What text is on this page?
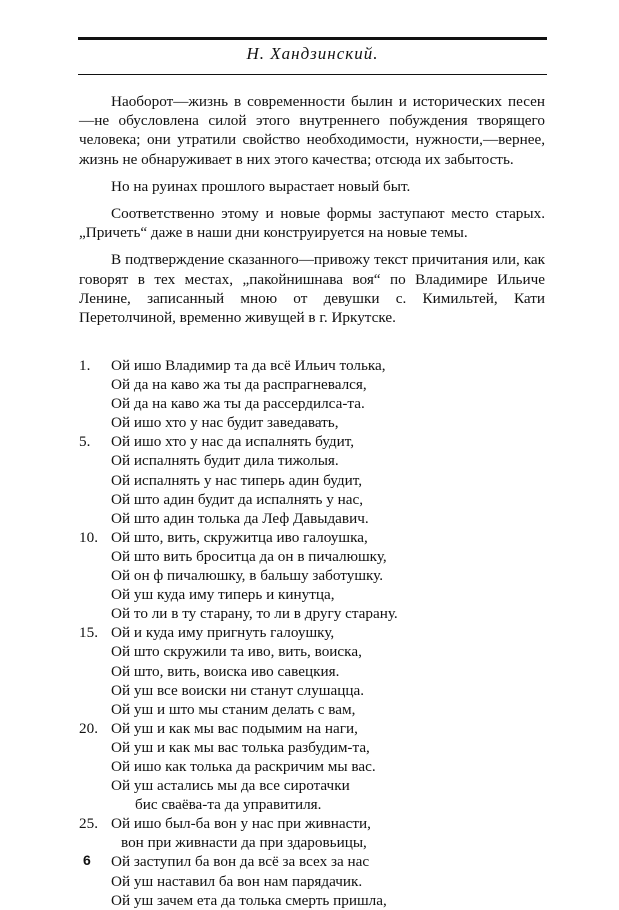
Н. Хандзинский.

Наоборот—жизнь в современности былин и исторических песен—не обусловлена силой этого внутреннего побуждения творящего человека; они утратили свойство необходимости, нужности,—вернее, жизнь не обнаруживает в них этого качества; отсюда их забытость.

Но на руинах прошлого вырастает новый быт.

Соответственно этому и новые формы заступают место старых. „Причеть“ даже в наши дни конструируется на новые темы.

В подтверждение сказанного—привожу текст причитания или, как говорят в тех местах, „пакойнишнава воя“ по Владимире Ильиче Ленине, записанный мною от девушки с. Кимильтей, Кати Перетолчиной, временно живущей в г. Иркутске.

1.	Ой ишо Владимир та да всё Ильич толька,
Ой да на каво жа ты да распрагневался,
Ой да на каво жа ты да рассердилса-та.
Ой ишо хто у нас будит заведавать,
5.	Ой ишо хто у нас да испалнять будит,
Ой испалнять будит дила тижолыя.
Ой испалнять у нас типерь адин будит,
Ой што адин будит да испалнять у нас,
Ой што адин толька да Леф Давыдавич.
10. Ой што, вить, скружитца иво галоушка,
Ой што вить броситца да он в пичалюшку,
Ой он ф пичалюшку, в бальшу заботушку.
Ой уш куда иму типерь и кинутца,
Ой то ли в ту старану, то ли в другу старану.
15. Ой и куда иму пригнуть галоушку,
Ой што скружили та иво, вить, воиска,
Ой што, вить, воиска иво савецкия.
Ой уш все воиски ни станут слушацца.
Ой уш и што мы станим делать с вам,
20. Ой уш и как мы вас подымим на наги,
Ой уш и как мы вас толька разбудим-та,
Ой ишо как толька да раскричим мы вас.
Ой уш астались мы да все сиротачки
бис сваёва-та да управитиля.
25. Ой ишо был-ба вон у нас при живнасти,
вон при живнасти да при здаровьицы,
Ой заступил ба вон да всё за всех за нас
Ой уш наставил ба вон нам парядачик.
Ой уш зачем ета да толька смерть пришла,
6
